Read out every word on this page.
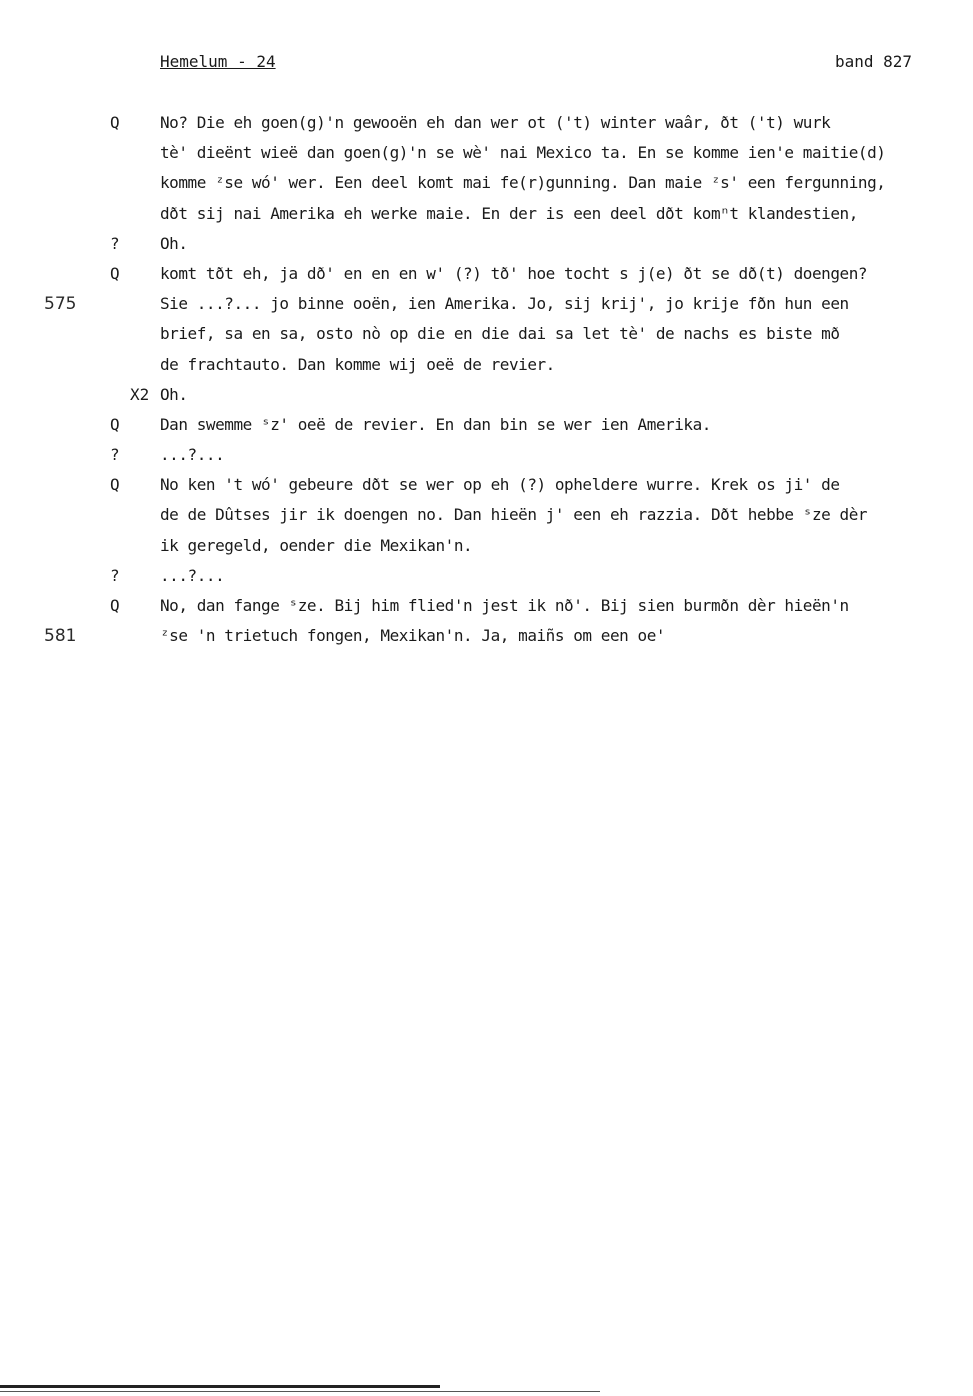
Hemelum - 24	band 827
Q	No? Die eh goen(g)'n gewooën eh dan wer ot ('t) winter waâr, ðt ('t) wurk
tè' dieënt wieë dan goen(g)'n se wè' nai Mexico ta. En se komme ien'e maitie(d)
komme ᶻse wó' wer. Een deel komt mai fe(r)gunning. Dan maie ᶻs' een fergunning,
dðt sij nai Amerika eh werke maie. En der is een deel dðt komⁿt klandestien,
?	Oh.
Q	komt tðt eh, ja dð' en en en w' (?) tð' hoe tocht s j(e) ðt se dð(t) doengen?
575	Sie ...?... jo binne ooën, ien Amerika. Jo, sij krij', jo krije fðn hun een
brief, sa en sa, osto nò op die en die dai sa let tè' de nachs es biste mð
de frachtauto. Dan komme wij oeë de revier.
X2 Oh.
Q	Dan swemme ˢz' oeë de revier. En dan bin se wer ien Amerika.
?	...?...
Q	No ken 't wó' gebeure dðt se wer op eh (?) opheldere wurre. Krek os ji' de
de de Dûtses jir ik doengen no. Dan hieën j' een eh razzia. Dðt hebbe ˢze dèr
ik geregeld, oender die Mexikan'n.
?	...?...
Q	No, dan fange ˢze. Bij him flied'n jest ik nð'. Bij sien burmðn dèr hieën'n
581	ᶻse 'n trietuch fongen, Mexikan'n. Ja, maiñs om een oe'
